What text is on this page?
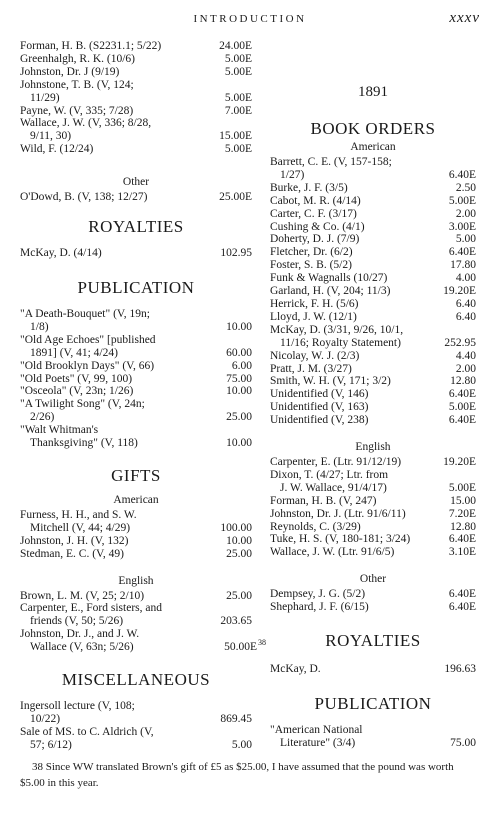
INTRODUCTION	xxxv
Forman, H. B. (S2231.1; 5/22)	24.00E
Greenhalgh, R. K. (10/6)	5.00E
Johnston, Dr. J (9/19)	5.00E
Johnstone, T. B. (V, 124;
11/29)	5.00E
Payne, W. (V, 335; 7/28)	7.00E
Wallace, J. W. (V, 336; 8/28,
9/11, 30)	15.00E
Wild, F. (12/24)	5.00E
Other
O'Dowd, B. (V, 138; 12/27)	25.00E
ROYALTIES
McKay, D. (4/14)	102.95
PUBLICATION
"A Death-Bouquet" (V, 19n;
1/8)	10.00
"Old Age Echoes" [published
1891] (V, 41; 4/24)	60.00
"Old Brooklyn Days" (V, 66)	6.00
"Old Poets" (V, 99, 100)	75.00
"Osceola" (V, 23n; 1/26)	10.00
"A Twilight Song" (V, 24n;
2/26)	25.00
"Walt Whitman's
Thanksgiving" (V, 118)	10.00
GIFTS
American
Furness, H. H., and S. W.
Mitchell (V, 44; 4/29)	100.00
Johnston, J. H. (V, 132)	10.00
Stedman, E. C. (V, 49)	25.00
English
Brown, L. M. (V, 25; 2/10)	25.00
Carpenter, E., Ford sisters, and
friends (V, 50; 5/26)	203.65
Johnston, Dr. J., and J. W.
Wallace (V, 63n; 5/26)	50.00E$^{38}$
MISCELLANEOUS
Ingersoll lecture (V, 108;
10/22)	869.45
Sale of MS. to C. Aldrich (V,
57; 6/12)	5.00
1891
BOOK ORDERS
American
Barrett, C. E. (V, 157-158;
1/27)	6.40E
Burke, J. F. (3/5)	2.50
Cabot, M. R. (4/14)	5.00E
Carter, C. F. (3/17)	2.00
Cushing & Co. (4/1)	3.00E
Doherty, D. J. (7/9)	5.00
Fletcher, Dr. (6/2)	6.40E
Foster, S. B. (5/2)	17.80
Funk & Wagnalls (10/27)	4.00
Garland, H. (V, 204; 11/3)	19.20E
Herrick, F. H. (5/6)	6.40
Lloyd, J. W. (12/1)	6.40
McKay, D. (3/31, 9/26, 10/1,
11/16; Royalty Statement)	252.95
Nicolay, W. J. (2/3)	4.40
Pratt, J. M. (3/27)	2.00
Smith, W. H. (V, 171; 3/2)	12.80
Unidentified (V, 146)	6.40E
Unidentified (V, 163)	5.00E
Unidentified (V, 238)	6.40E
English
Carpenter, E. (Ltr. 91/12/19)	19.20E
Dixon, T. (4/27; Ltr. from
J. W. Wallace, 91/4/17)	5.00E
Forman, H. B. (V, 247)	15.00
Johnston, Dr. J. (Ltr. 91/6/11)	7.20E
Reynolds, C. (3/29)	12.80
Tuke, H. S. (V, 180-181; 3/24)	6.40E
Wallace, J. W. (Ltr. 91/6/5)	3.10E
Other
Dempsey, J. G. (5/2)	6.40E
Shephard, J. F. (6/15)	6.40E
ROYALTIES
McKay, D.	196.63
PUBLICATION
"American National
Literature" (3/4)	75.00
38 Since WW translated Brown's gift of £5 as $25.00, I have assumed that the pound was worth $5.00 in this year.
